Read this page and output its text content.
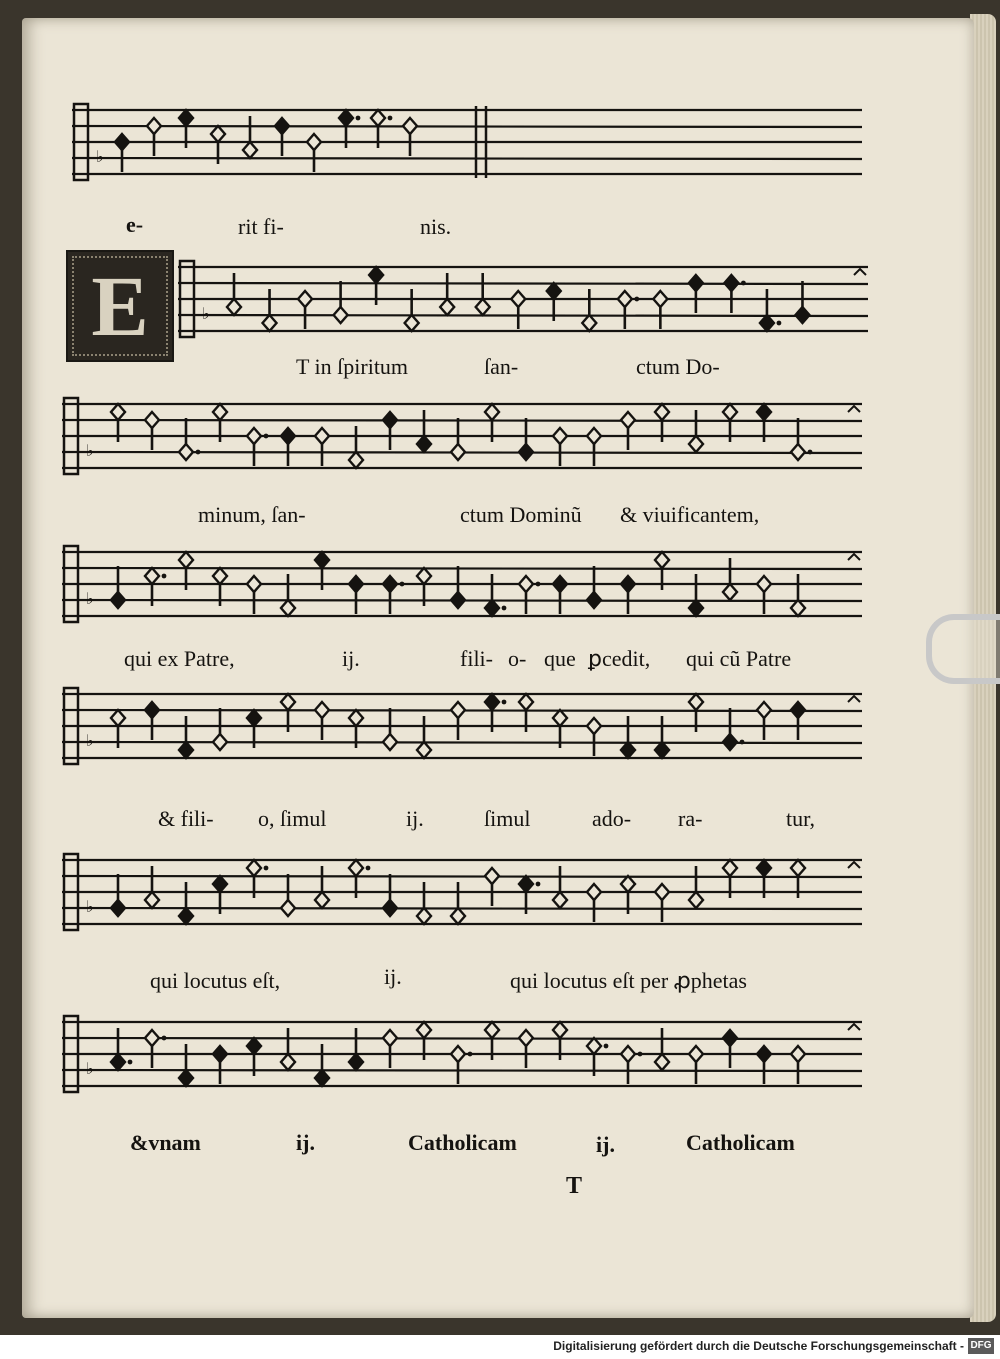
♭
♭
♭
♭
♭
♭
♭
E
e-	rit fi-	nis.
T in ſpiritum	ſan-	ctum Do-
minum, ſan-	ctum Dominũ & viuificantem,
qui ex Patre,	ij.	fili- o- que ꝑcedit, qui cũ Patre
& fili- o, ſimul	ij.	ſimul	ado- ra-	tur,
qui locutus eſt,	ij.	qui locutus eſt per ꝓphetas
&vnam	ij.	Catholicam	ij.	Catholicam
T
Digitalisierung gefördert durch die Deutsche Forschungsgemeinschaft - DFG
